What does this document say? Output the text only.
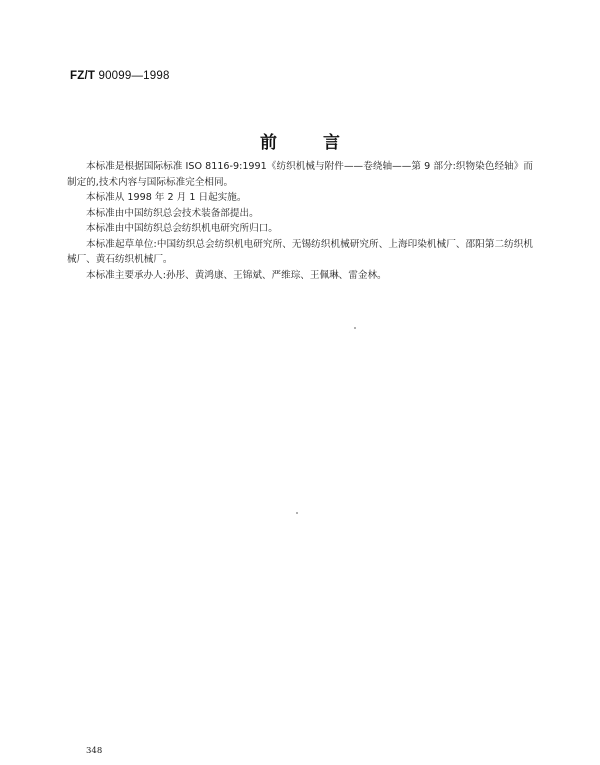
FZ/T 90099—1998
前	言

本标准是根据国际标准 ISO 8116-9:1991《纺织机械与附件——卷绕轴——第 9 部分:织物染色经轴》而制定的,技术内容与国际标准完全相同。

本标准从 1998 年 2 月 1 日起实施。

本标准由中国纺织总会技术装备部提出。

本标准由中国纺织总会纺织机电研究所归口。

本标准起草单位:中国纺织总会纺织机电研究所、无锡纺织机械研究所、上海印染机械厂、邵阳第二纺织机械厂、黄石纺织机械厂。

本标准主要承办人:孙彤、黄鸿康、王锦斌、严维琮、王佩琳、雷金林。

348
